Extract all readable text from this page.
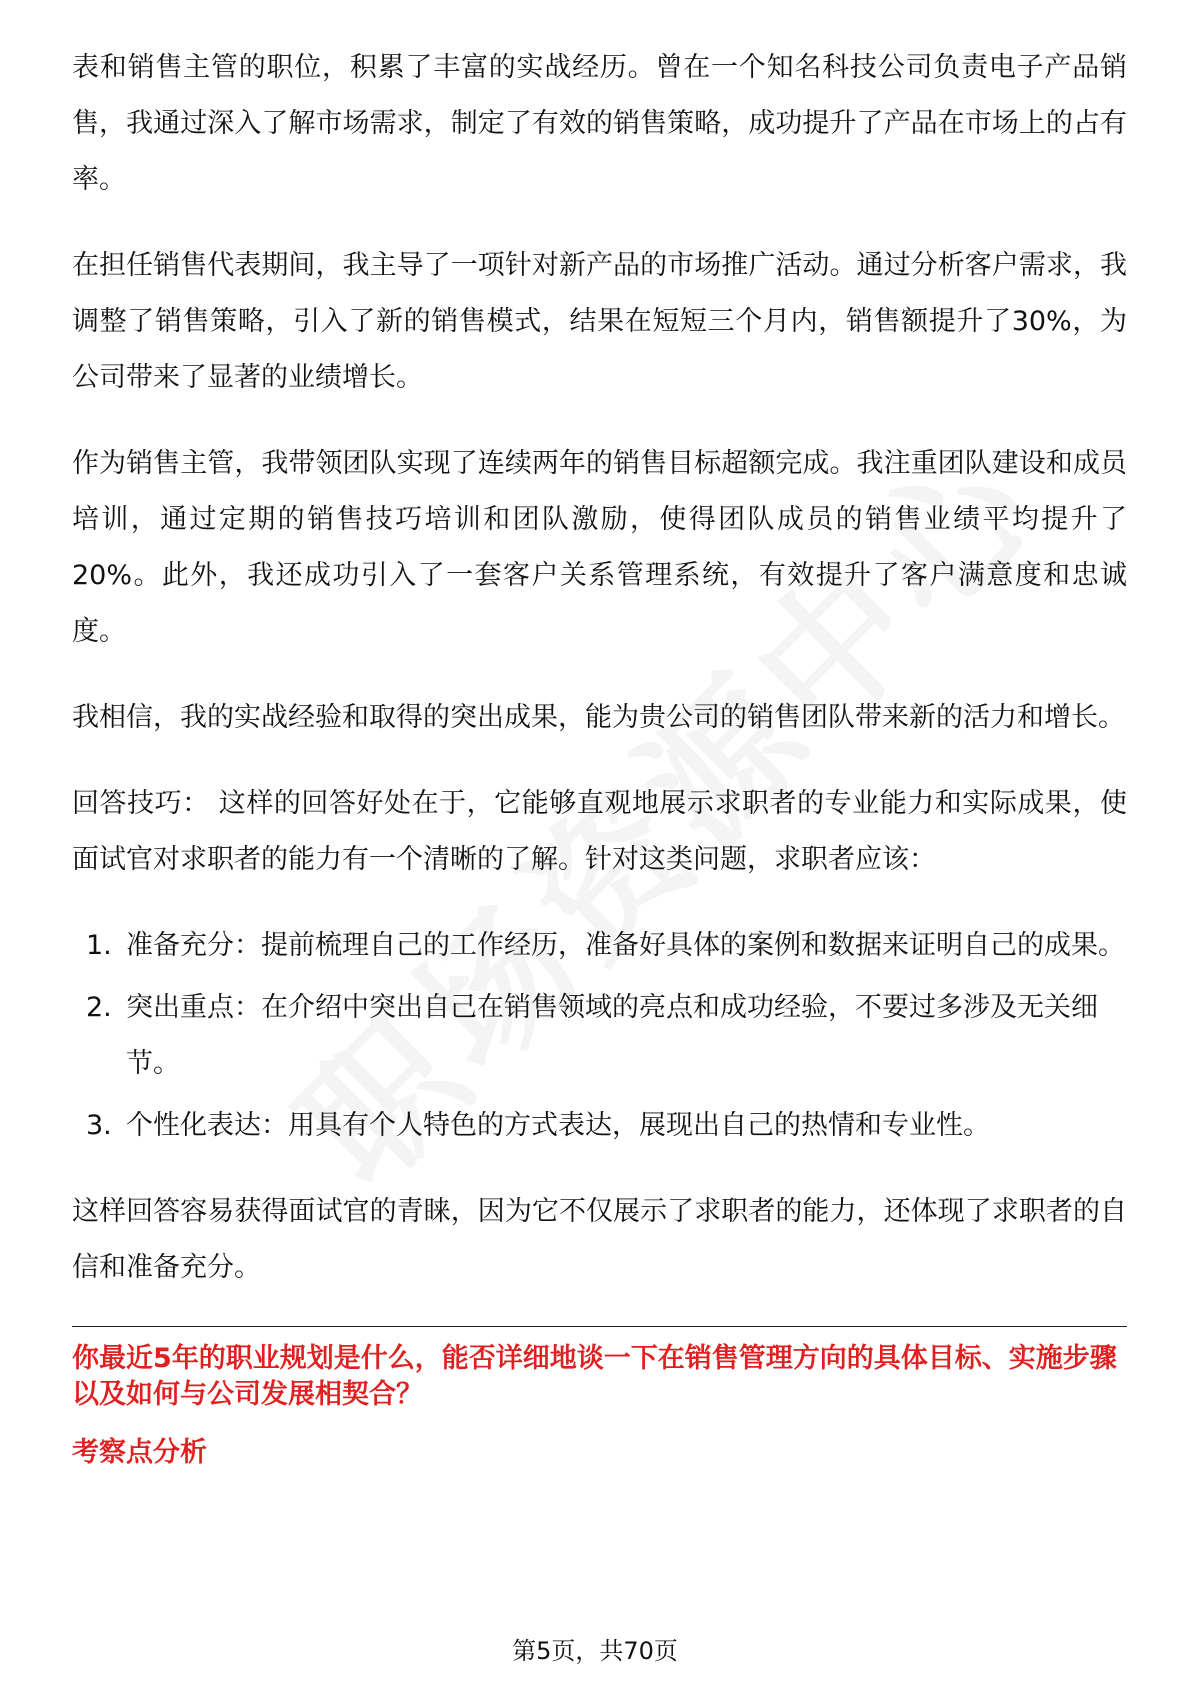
表和销售主管的职位，积累了丰富的实战经历。曾在一个知名科技公司负责电子产品销售，我通过深入了解市场需求，制定了有效的销售策略，成功提升了产品在市场上的占有率。

在担任销售代表期间，我主导了一项针对新产品的市场推广活动。通过分析客户需求，我调整了销售策略，引入了新的销售模式，结果在短短三个月内，销售额提升了30%，为公司带来了显著的业绩增长。

作为销售主管，我带领团队实现了连续两年的销售目标超额完成。我注重团队建设和成员培训，通过定期的销售技巧培训和团队激励，使得团队成员的销售业绩平均提升了20%。此外，我还成功引入了一套客户关系管理系统，有效提升了客户满意度和忠诚度。

我相信，我的实战经验和取得的突出成果，能为贵公司的销售团队带来新的活力和增长。

回答技巧： 这样的回答好处在于，它能够直观地展示求职者的专业能力和实际成果，使面试官对求职者的能力有一个清晰的了解。针对这类问题，求职者应该：

1. 准备充分：提前梳理自己的工作经历，准备好具体的案例和数据来证明自己的成果。
2. 突出重点：在介绍中突出自己在销售领域的亮点和成功经验，不要过多涉及无关细节。
3. 个性化表达：用具有个人特色的方式表达，展现出自己的热情和专业性。

这样回答容易获得面试官的青睐，因为它不仅展示了求职者的能力，还体现了求职者的自信和准备充分。

你最近5年的职业规划是什么，能否详细地谈一下在销售管理方向的具体目标、实施步骤以及如何与公司发展相契合？

考察点分析

第5页，共70页
